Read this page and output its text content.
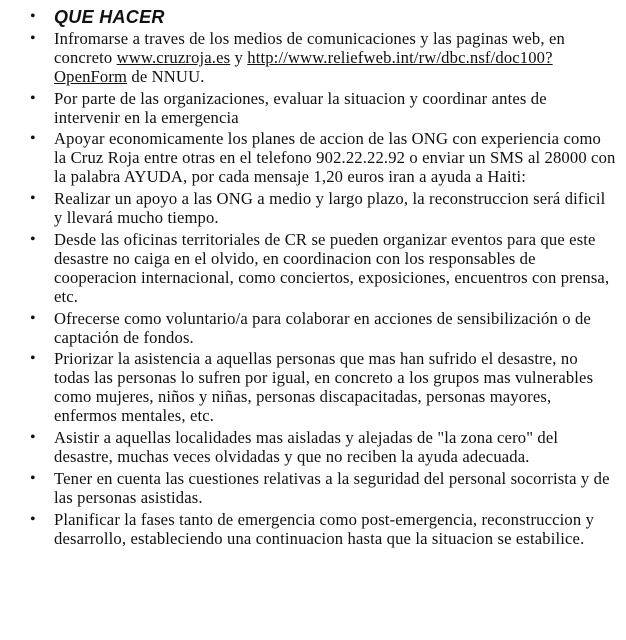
• QUE HACER
• Infromarse a traves de los medios de comunicaciones y las paginas web, en concreto www.cruzroja.es y http://www.reliefweb.int/rw/dbc.nsf/doc100?OpenForm de NNUU.
• Por parte de las organizaciones, evaluar la situacion y coordinar antes de intervenir en la emergencia
• Apoyar economicamente los planes de accion de las ONG con experiencia como la Cruz Roja entre otras en el telefono 902.22.22.92 o enviar un SMS al 28000 con la palabra AYUDA, por cada mensaje 1,20 euros iran a ayuda a Haiti:
• Realizar un apoyo a las ONG a medio y largo plazo, la reconstruccion será dificil y llevará mucho tiempo.
• Desde las oficinas territoriales de CR se pueden organizar eventos para que este desastre no caiga en el olvido, en coordinacion con los responsables de cooperacion internacional, como conciertos, exposiciones, encuentros con prensa, etc.
• Ofrecerse como voluntario/a para colaborar en acciones de sensibilización o de captación de fondos.
• Priorizar la asistencia a aquellas personas que mas han sufrido el desastre, no todas las personas lo sufren por igual, en concreto a los grupos mas vulnerables como mujeres, niños y niñas, personas discapacitadas, personas mayores, enfermos mentales, etc.
• Asistir a aquellas localidades mas aisladas y alejadas de "la zona cero" del desastre, muchas veces olvidadas y que no reciben la ayuda adecuada.
• Tener en cuenta las cuestiones relativas a la seguridad del personal socorrista y de las personas asistidas.
• Planificar la fases tanto de emergencia como post-emergencia, reconstruccion y desarrollo, estableciendo una continuacion hasta que la situacion se estabilice.
